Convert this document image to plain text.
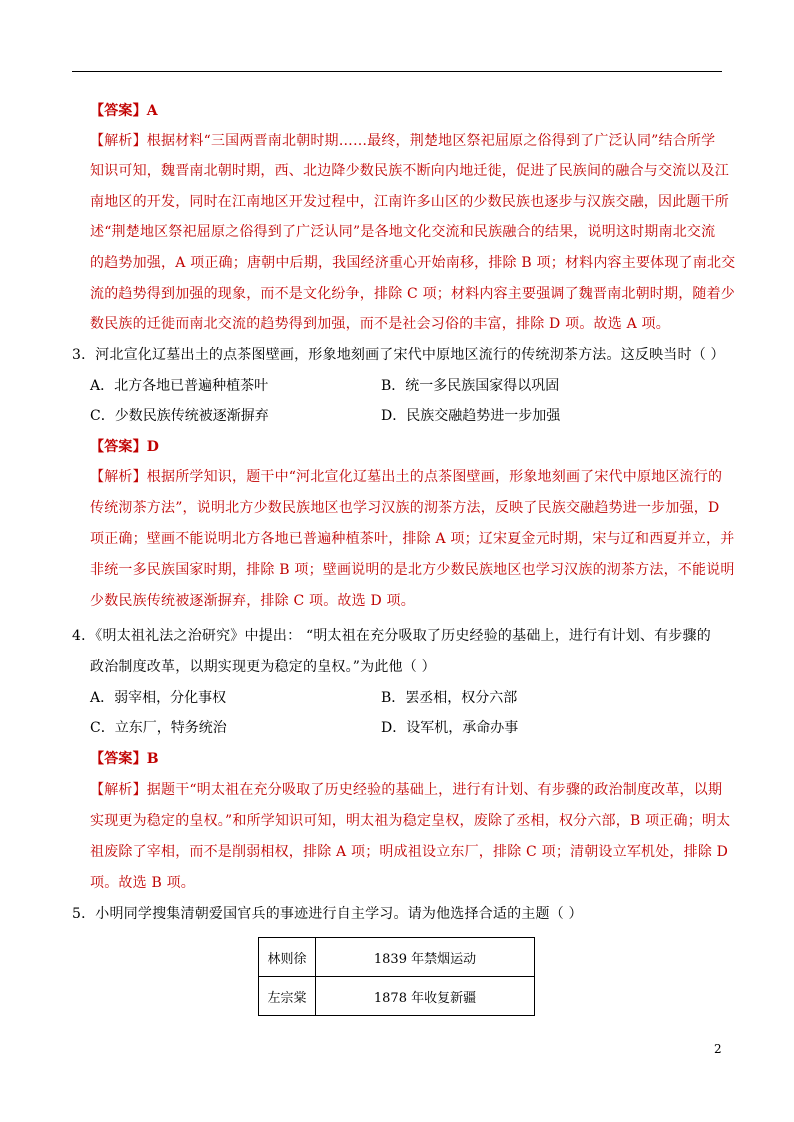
【答案】A
【解析】根据材料“三国两晋南北朝时期……最终，荆楚地区祭祀屈原之俗得到了广泛认同”结合所学
知识可知，魏晋南北朝时期，西、北边降少数民族不断向内地迁徙，促进了民族间的融合与交流以及江
南地区的开发，同时在江南地区开发过程中，江南许多山区的少数民族也逐步与汉族交融，因此题干所
述“荆楚地区祭祀屈原之俗得到了广泛认同”是各地文化交流和民族融合的结果，说明这时期南北交流
的趋势加强，A 项正确；唐朝中后期，我国经济重心开始南移，排除 B 项；材料内容主要体现了南北交
流的趋势得到加强的现象，而不是文化纷争，排除 C 项；材料内容主要强调了魏晋南北朝时期，随着少
数民族的迁徙而南北交流的趋势得到加强，而不是社会习俗的丰富，排除 D 项。故选 A 项。
3．河北宣化辽墓出土的点茶图壁画，形象地刻画了宋代中原地区流行的传统沏茶方法。这反映当时（ ）
A．北方各地已普遍种植茶叶	B．统一多民族国家得以巩固
C．少数民族传统被逐渐摒弃	D．民族交融趋势进一步加强
【答案】D
【解析】根据所学知识，题干中“河北宣化辽墓出土的点茶图壁画，形象地刻画了宋代中原地区流行的
传统沏茶方法”，说明北方少数民族地区也学习汉族的沏茶方法，反映了民族交融趋势进一步加强，D
项正确；壁画不能说明北方各地已普遍种植茶叶，排除 A 项；辽宋夏金元时期，宋与辽和西夏并立，并
非统一多民族国家时期，排除 B 项；壁画说明的是北方少数民族地区也学习汉族的沏茶方法，不能说明
少数民族传统被逐渐摒弃，排除 C 项。故选 D 项。
4．《明太祖礼法之治研究》中提出： “明太祖在充分吸取了历史经验的基础上，进行有计划、有步骤的
政治制度改革，以期实现更为稳定的皇权。”为此他（ ）
A．弱宰相，分化事权	B．罢丞相，权分六部
C．立东厂，特务统治	D．设军机，承命办事
【答案】B
【解析】据题干“明太祖在充分吸取了历史经验的基础上，进行有计划、有步骤的政治制度改革，以期
实现更为稳定的皇权。”和所学知识可知，明太祖为稳定皇权，废除了丞相，权分六部，B 项正确；明太
祖废除了宰相，而不是削弱相权，排除 A 项；明成祖设立东厂，排除 C 项；清朝设立军机处，排除 D
项。故选 B 项。
5．小明同学搜集清朝爱国官兵的事迹进行自主学习。请为他选择合适的主题（ ）
林则徐	1839 年禁烟运动
左宗棠	1878 年收复新疆
2
